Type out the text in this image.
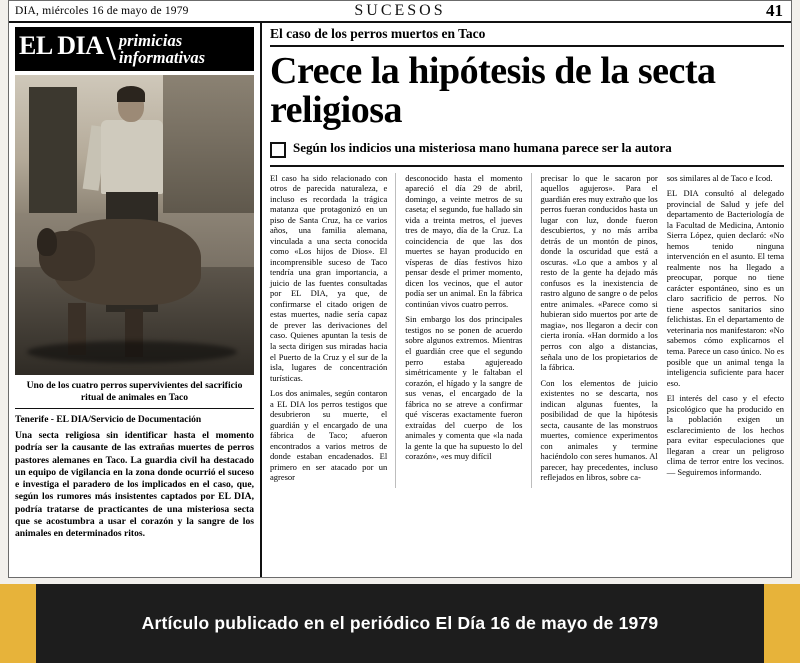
DIA, miércoles 16 de mayo de 1979	SUCESOS	41
EL DIA \ primicias
informativas
Uno de los cuatro perros supervivientes del sacrificio ritual de animales en Taco
Tenerife - EL DIA/Servicio de Documentación
Una secta religiosa sin identificar hasta el momento podría ser la causante de las extrañas muertes de perros pastores alemanes en Taco. La guardia civil ha destacado un equipo de vigilancia en la zona donde ocurrió el suceso e investiga el paradero de los implicados en el caso, que, según los rumores más insistentes captados por EL DIA, podría tratarse de practicantes de una misteriosa secta que se acostumbra a usar el corazón y la sangre de los animales en determinados ritos.
El caso de los perros muertos en Taco
Crece la hipótesis de la secta religiosa
Según los indicios una misteriosa mano humana parece ser la autora

El caso ha sido relacionado con otros de parecida naturaleza, e incluso es recordada la trágica matanza que protagonizó en un piso de Santa Cruz, ha ce varios años, una familia alemana, vinculada a una secta conocida como «Los hijos de Dios». El incomprensible suceso de Taco tendría una gran importancia, a juicio de las fuentes consultadas por EL DIA, ya que, de confirmarse el citado origen de estas muertes, nadie sería capaz de prever las derivaciones del caso. Quienes apuntan la tesis de la secta dirigen sus miradas hacia el Puerto de la Cruz y el sur de la isla, lugares de concentración turísticas.

Los dos animales, según contaron a EL DIA los perros testigos que desubrieron su muerte, el guardián y el encargado de una fábrica de Taco; afueron encontrados a varios metros de donde estaban encadenados. El primero en ser atacado por un agresor

desconocido hasta el momento apareció el día 29 de abril, domingo, a veinte metros de su caseta; el segundo, fue hallado sin vida a treinta metros, el jueves tres de mayo, día de la Cruz. La coincidencia de que las dos muertes se hayan producido en vísperas de días festivos hizo pensar desde el primer momento, dicen los vecinos, que el autor podía ser un animal. En la fábrica continúan vivos cuatro perros.

Sin embargo los dos principales testigos no se ponen de acuerdo sobre algunos extremos. Mientras el guardián cree que el segundo perro estaba agujereado simétricamente y le faltaban el corazón, el hígado y la sangre de sus venas, el encargado de la fábrica no se atreve a confirmar qué vísceras exactamente fueron extraídas del cuerpo de los animales y comenta que «la nada la gente la que ha supuesto lo del corazón», «es muy difícil

precisar lo que le sacaron por aquellos agujeros». Para el guardián eres muy extraño que los perros fueran conducidos hasta un lugar con luz, donde fueron descubiertos, y no más arriba detrás de un montón de pinos, donde la oscuridad que está a oscuras. «Lo que a ambos y al resto de la gente ha dejado más confusos es la inexistencia de rastro alguno de sangre o de pelos entre animales. «Parece como si hubieran sido muertos por arte de magia», nos llegaron a decir con cierta ironía. «Han dormido a los perros con algo a distancias, señala uno de los propietarios de la fábrica.

Con los elementos de juicio existentes no se descarta, nos indican algunas fuentes, la posibilidad de que la hipótesis secta, causante de las monstruos muertes, comience experimentos con animales y termine haciéndolo con seres humanos. Al parecer, hay precedentes, incluso reflejados en libros, sobre ca-

sos similares al de Taco e Icod.

EL DIA consultó al delegado provincial de Salud y jefe del departamento de Bacteriología de la Facultad de Medicina, Antonio Sierra López, quien declaró: «No hemos tenido ninguna intervención en el asunto. El tema realmente nos ha llegado a preocupar, porque no tiene carácter espontáneo, sino es un claro sacrificio de perros. No tiene aspectos sanitarios sino felichistas. En el departamento de veterinaria nos manifestaron: «No sabemos cómo explicarnos el tema. Parece un caso único. No es posible que un animal tenga la inteligencia suficiente para hacer eso.

El interés del caso y el efecto psicológico que ha producido en la población exigen un esclarecimiento de los hechos para evitar especulaciones que llegaran a crear un peligroso clima de terror entre los vecinos.— Seguiremos informando.

Artículo publicado en el periódico El Día 16 de mayo de 1979
